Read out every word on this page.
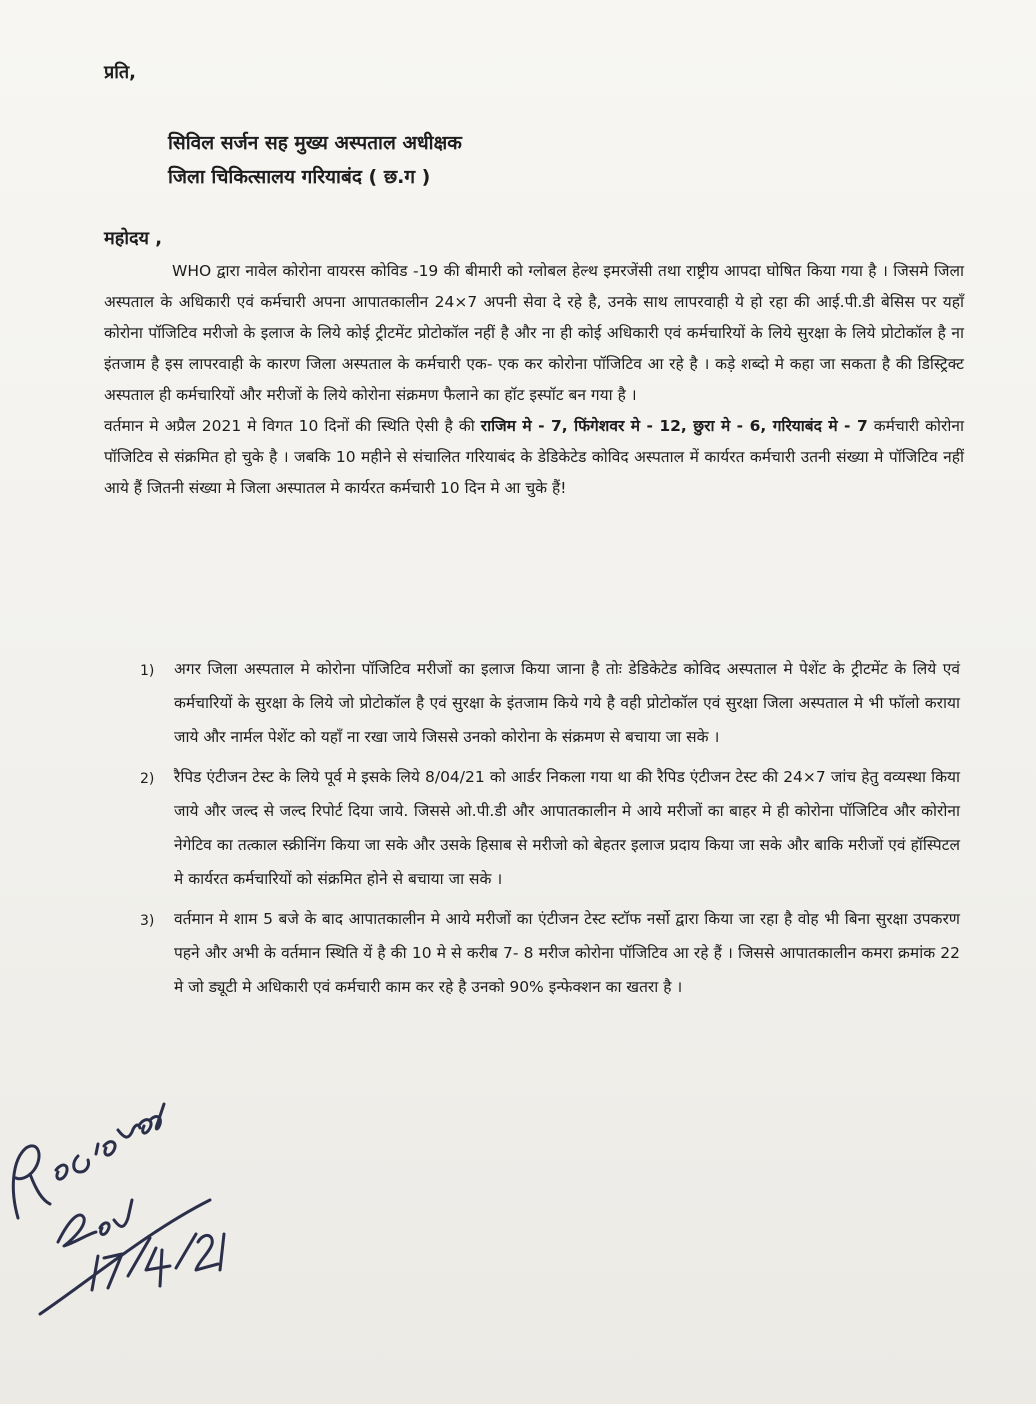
प्रति,
सिविल सर्जन सह मुख्य अस्पताल अधीक्षक
जिला चिकित्सालय गरियाबंद ( छ.ग )
महोदय ,

WHO द्वारा नावेल कोरोना वायरस कोविड -19 की बीमारी को ग्लोबल हेल्थ इमरजेंसी तथा राष्ट्रीय आपदा घोषित किया गया है । जिसमे जिला अस्पताल के अधिकारी एवं कर्मचारी अपना आपातकालीन 24×7 अपनी सेवा दे रहे है, उनके साथ लापरवाही ये हो रहा की आई.पी.डी बेसिस पर यहाँ कोरोना पॉजिटिव मरीजो के इलाज के लिये कोई ट्रीटमेंट प्रोटोकॉल नहीं है और ना ही कोई अधिकारी एवं कर्मचारियों के लिये सुरक्षा के लिये प्रोटोकॉल है ना इंतजाम है इस लापरवाही के कारण जिला अस्पताल के कर्मचारी एक- एक कर कोरोना पॉजिटिव आ रहे है । कड़े शब्दो मे कहा जा सकता है की डिस्ट्रिक्ट अस्पताल ही कर्मचारियों और मरीजों के लिये कोरोना संक्रमण फैलाने का हॉट इस्पॉट बन गया है ।

वर्तमान मे अप्रैल 2021 मे विगत 10 दिनों की स्थिति ऐसी है की राजिम मे - 7, फिंगेशवर मे - 12, छुरा मे - 6, गरियाबंद मे - 7 कर्मचारी कोरोना पॉजिटिव से संक्रमित हो चुके है । जबकि 10 महीने से संचालित गरियाबंद के डेडिकेटेड कोविद अस्पताल में कार्यरत कर्मचारी उतनी संख्या मे पॉजिटिव नहीं आये हैं जितनी संख्या मे जिला अस्पातल मे कार्यरत कर्मचारी 10 दिन मे आ चुके हैं!

1)	अगर जिला अस्पताल मे कोरोना पॉजिटिव मरीजों का इलाज किया जाना है तोः डेडिकेटेड कोविद अस्पताल मे पेशेंट के ट्रीटमेंट के लिये एवं कर्मचारियों के सुरक्षा के लिये जो प्रोटोकॉल है एवं सुरक्षा के इंतजाम किये गये है वही प्रोटोकॉल एवं सुरक्षा जिला अस्पताल मे भी फॉलो कराया जाये और नार्मल पेशेंट को यहाँ ना रखा जाये जिससे उनको कोरोना के संक्रमण से बचाया जा सके ।
2)	रैपिड एंटीजन टेस्ट के लिये पूर्व मे इसके लिये 8/04/21 को आर्डर निकला गया था की रैपिड एंटीजन टेस्ट की 24×7 जांच हेतु वव्यस्था किया जाये और जल्द से जल्द रिपोर्ट दिया जाये. जिससे ओ.पी.डी और आपातकालीन मे आये मरीजों का बाहर मे ही कोरोना पॉजिटिव और कोरोना नेगेटिव का तत्काल स्क्रीनिंग किया जा सके और उसके हिसाब से मरीजो को बेहतर इलाज प्रदाय किया जा सके और बाकि मरीजों एवं हॉस्पिटल मे कार्यरत कर्मचारियों को संक्रमित होने से बचाया जा सके ।
3)	वर्तमान मे शाम 5 बजे के बाद आपातकालीन मे आये मरीजों का एंटीजन टेस्ट स्टॉफ नर्सो द्वारा किया जा रहा है वोह भी बिना सुरक्षा उपकरण पहने और अभी के वर्तमान स्थिति यें है की 10 मे से करीब 7- 8 मरीज कोरोना पॉजिटिव आ रहे हैं । जिससे आपातकालीन कमरा क्रमांक 22 मे जो ड्यूटी मे अधिकारी एवं कर्मचारी काम कर रहे है उनको 90% इन्फेक्शन का खतरा है ।
